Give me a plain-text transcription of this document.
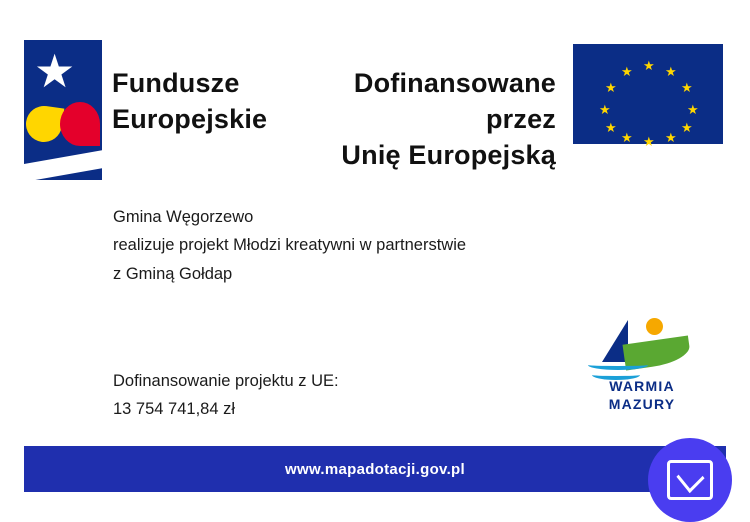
★ Fundusze
Europejskie
Dofinansowane przez
Unię Europejską
★ ★
★
★
★
★
★
★
★
★
★
★
Gmina Węgorzewo
realizuje projekt Młodzi kreatywni w partnerstwie
z Gminą Gołdap
Dofinansowanie projektu z UE:
13 754 741,84 zł
WARMIA
MAZURY
www.mapadotacji.gov.pl
